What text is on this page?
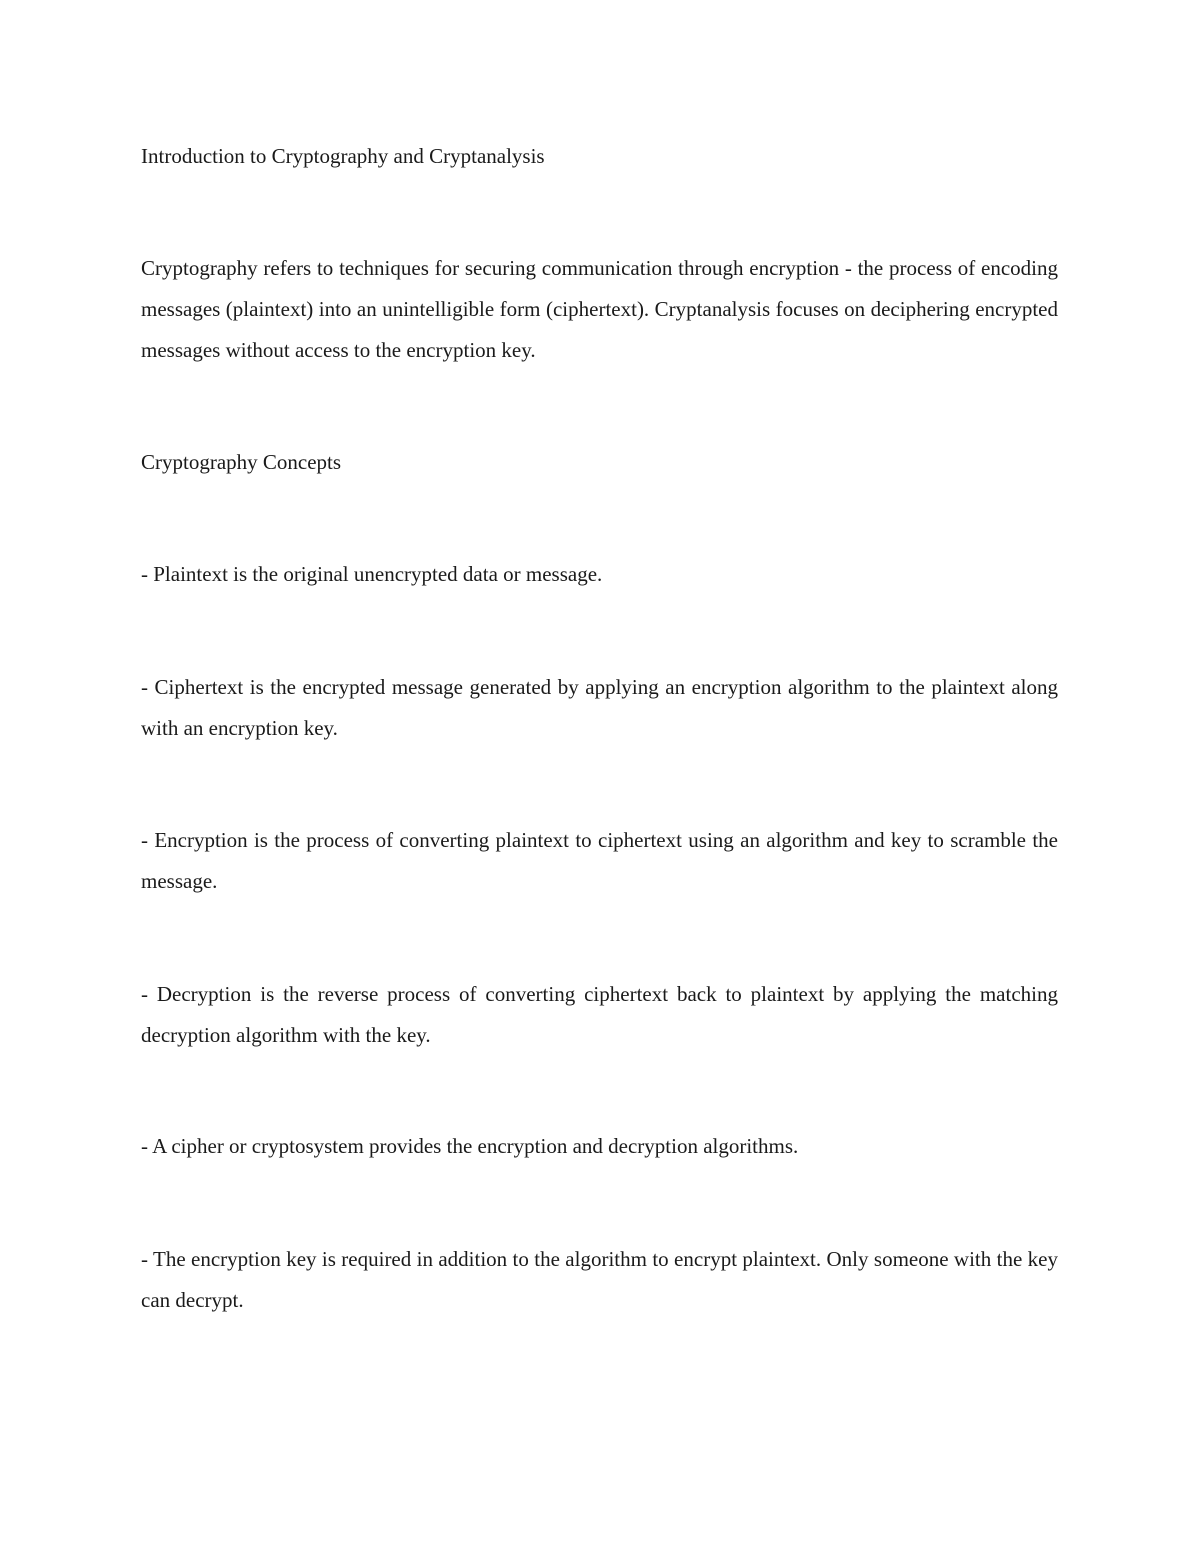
Introduction to Cryptography and Cryptanalysis

Cryptography refers to techniques for securing communication through encryption - the process of encoding messages (plaintext) into an unintelligible form (ciphertext). Cryptanalysis focuses on deciphering encrypted messages without access to the encryption key.

Cryptography Concepts

- Plaintext is the original unencrypted data or message.

- Ciphertext is the encrypted message generated by applying an encryption algorithm to the plaintext along with an encryption key.

- Encryption is the process of converting plaintext to ciphertext using an algorithm and key to scramble the message.

- Decryption is the reverse process of converting ciphertext back to plaintext by applying the matching decryption algorithm with the key.

- A cipher or cryptosystem provides the encryption and decryption algorithms.

- The encryption key is required in addition to the algorithm to encrypt plaintext. Only someone with the key can decrypt.
